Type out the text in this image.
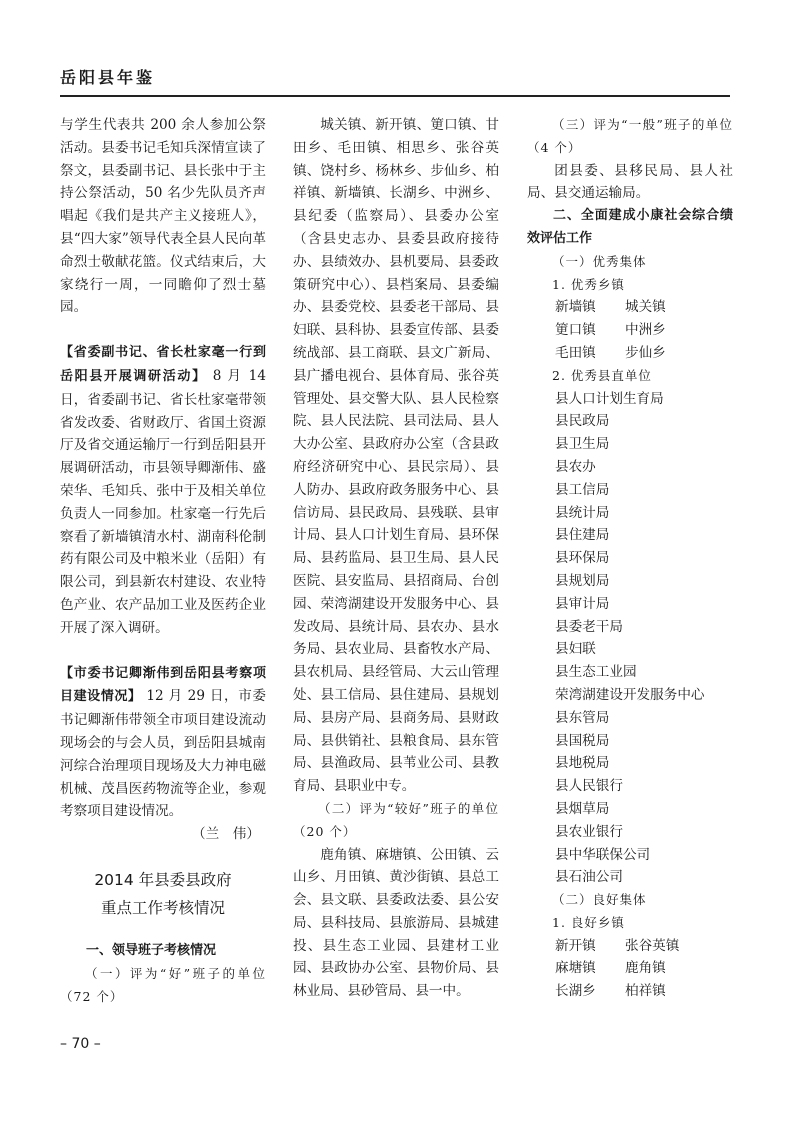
岳阳县年鉴

与学生代表共 200 余人参加公祭活动。县委书记毛知兵深情宣读了祭文，县委副书记、县长张中于主持公祭活动，50 名少先队员齐声唱起《我们是共产主义接班人》，县“四大家”领导代表全县人民向革命烈士敬献花篮。仪式结束后，大家绕行一周，一同瞻仰了烈士墓园。

【省委副书记、省长杜家毫一行到岳阳县开展调研活动】 8 月 14 日，省委副书记、省长杜家毫带领省发改委、省财政厅、省国土资源厅及省交通运输厅一行到岳阳县开展调研活动，市县领导卿渐伟、盛荣华、毛知兵、张中于及相关单位负责人一同参加。杜家毫一行先后察看了新墙镇清水村、湖南科伦制药有限公司及中粮米业（岳阳）有限公司，到县新农村建设、农业特色产业、农产品加工业及医药企业开展了深入调研。

【市委书记卿渐伟到岳阳县考察项目建设情况】 12 月 29 日，市委书记卿渐伟带领全市项目建设流动现场会的与会人员，到岳阳县城南河综合治理项目现场及大力神电磁机械、茂昌医药物流等企业，参观考察项目建设情况。

（兰　伟）

2014 年县委县政府
重点工作考核情况

一、领导班子考核情况

（一）评为“好”班子的单位（72 个）

城关镇、新开镇、筻口镇、甘田乡、毛田镇、相思乡、张谷英镇、饶村乡、杨林乡、步仙乡、柏祥镇、新墙镇、长湖乡、中洲乡、县纪委（监察局）、县委办公室（含县史志办、县委县政府接待办、县绩效办、县机要局、县委政策研究中心）、县档案局、县委编办、县委党校、县委老干部局、县妇联、县科协、县委宣传部、县委统战部、县工商联、县文广新局、县广播电视台、县体育局、张谷英管理处、县交警大队、县人民检察院、县人民法院、县司法局、县人大办公室、县政府办公室（含县政府经济研究中心、县民宗局）、县人防办、县政府政务服务中心、县信访局、县民政局、县残联、县审计局、县人口计划生育局、县环保局、县药监局、县卫生局、县人民医院、县安监局、县招商局、台创园、荣湾湖建设开发服务中心、县发改局、县统计局、县农办、县水务局、县农业局、县畜牧水产局、县农机局、县经管局、大云山管理处、县工信局、县住建局、县规划局、县房产局、县商务局、县财政局、县供销社、县粮食局、县东管局、县渔政局、县苇业公司、县教育局、县职业中专。

（二）评为“较好”班子的单位（20 个）

鹿角镇、麻塘镇、公田镇、云山乡、月田镇、黄沙街镇、县总工会、县文联、县委政法委、县公安局、县科技局、县旅游局、县城建投、县生态工业园、县建材工业园、县政协办公室、县物价局、县林业局、县砂管局、县一中。

（三）评为“一般”班子的单位（4 个）

团县委、县移民局、县人社局、县交通运输局。

二、全面建成小康社会综合绩效评估工作

（一）优秀集体

1. 优秀乡镇

新墙镇	城关镇
筻口镇	中洲乡
毛田镇	步仙乡

2. 优秀县直单位

县人口计划生育局
县民政局
县卫生局
县农办
县工信局
县统计局
县住建局
县环保局
县规划局
县审计局
县委老干局
县妇联
县生态工业园
荣湾湖建设开发服务中心
县东管局
县国税局
县地税局
县人民银行
县烟草局
县农业银行
县中华联保公司
县石油公司

（二）良好集体

1. 良好乡镇

新开镇	张谷英镇
麻塘镇	鹿角镇
长湖乡	柏祥镇
– 70 –
